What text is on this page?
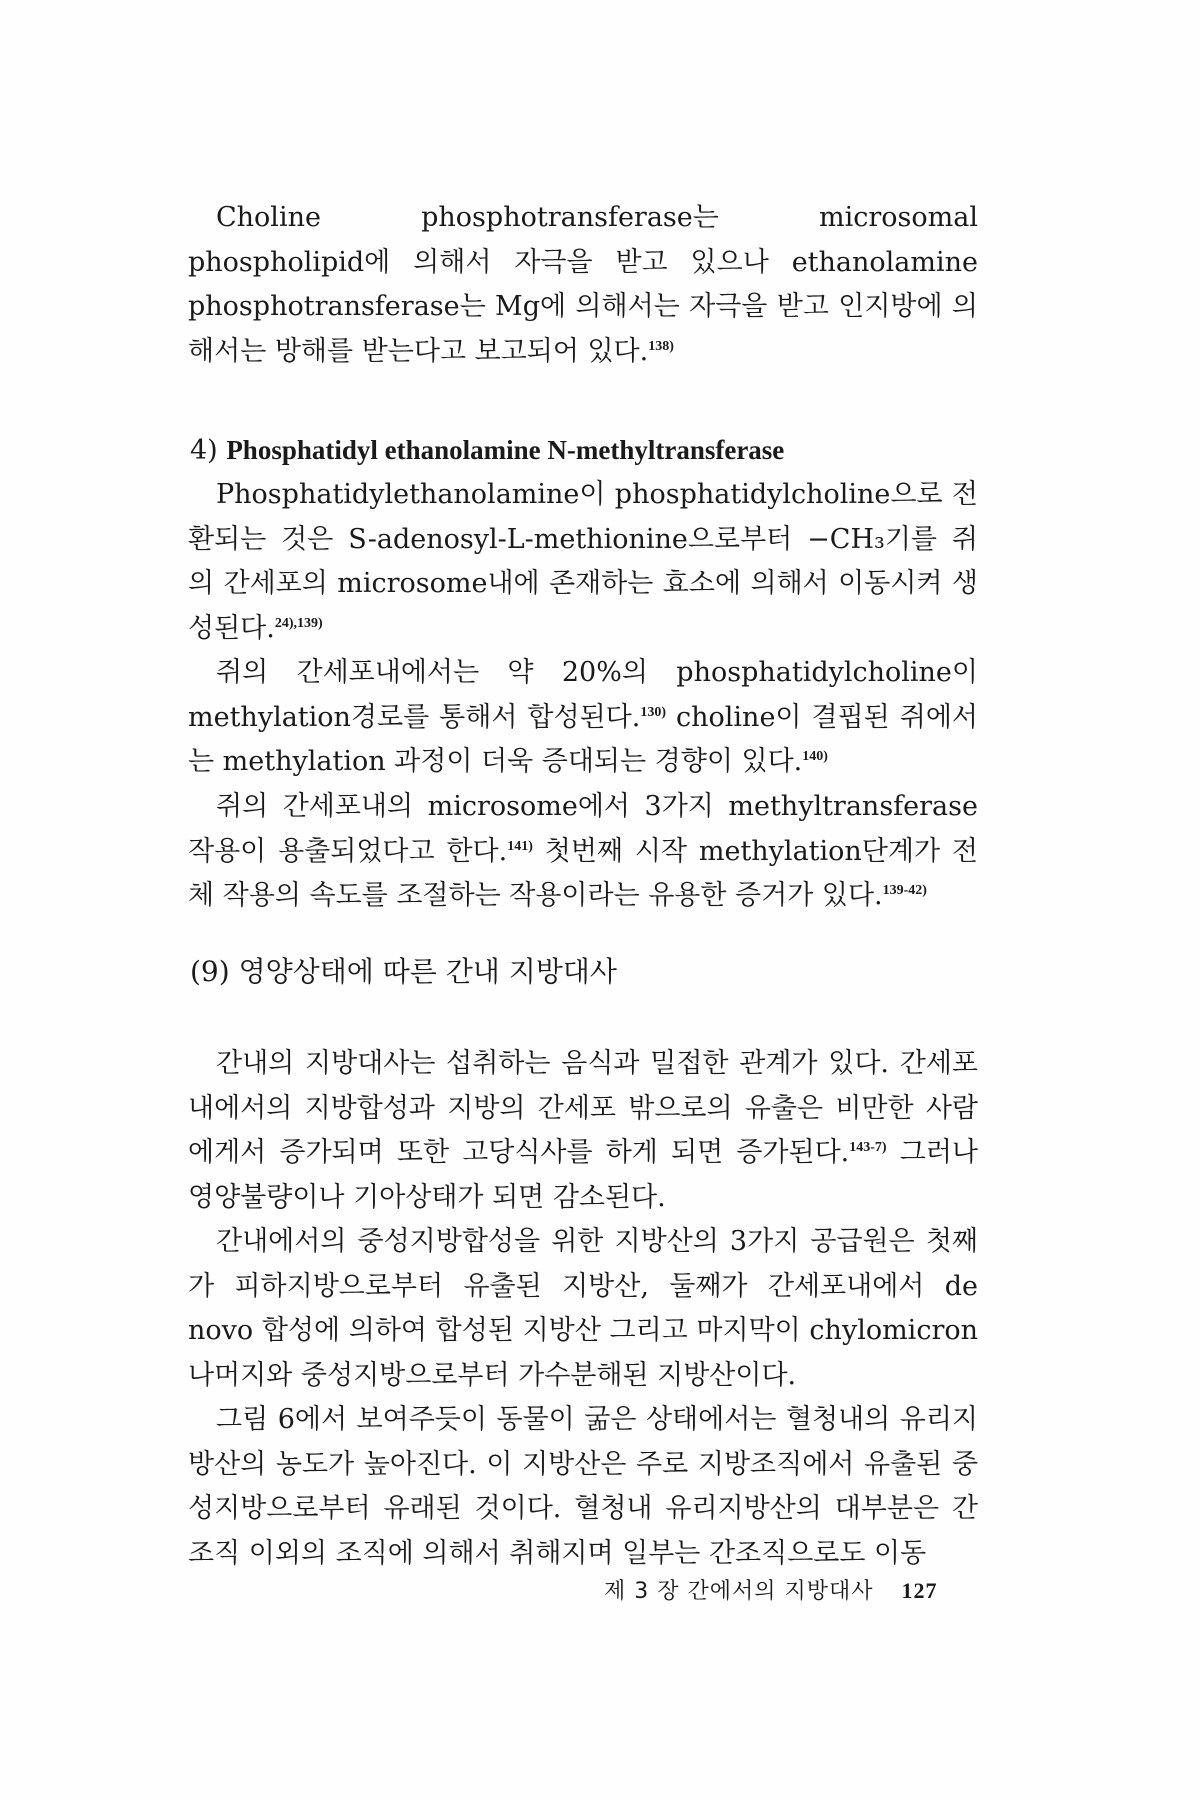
Choline phosphotransferase는 microsomal phospholipid에 의해서 자극을 받고 있으나 ethanolamine phosphotransferase는 Mg에 의해서는 자극을 받고 인지방에 의해서는 방해를 받는다고 보고되어 있다.$^{138)}$

4) Phosphatidyl ethanolamine N-methyltransferase

Phosphatidylethanolamine이 phosphatidylcholine으로 전환되는 것은 S-adenosyl-L-methionine으로부터 −CH₃기를 쥐의 간세포의 microsome내에 존재하는 효소에 의해서 이동시켜 생성된다.$^{24),139)}$

쥐의 간세포내에서는 약 20%의 phosphatidylcholine이 methylation경로를 통해서 합성된다.$^{130)}$ choline이 결핍된 쥐에서는 methylation 과정이 더욱 증대되는 경향이 있다.$^{140)}$

쥐의 간세포내의 microsome에서 3가지 methyltransferase 작용이 용출되었다고 한다.$^{141)}$ 첫번째 시작 methylation단계가 전체 작용의 속도를 조절하는 작용이라는 유용한 증거가 있다.$^{139-42)}$

(9) 영양상태에 따른 간내 지방대사

간내의 지방대사는 섭취하는 음식과 밀접한 관계가 있다. 간세포내에서의 지방합성과 지방의 간세포 밖으로의 유출은 비만한 사람에게서 증가되며 또한 고당식사를 하게 되면 증가된다.$^{143-7)}$ 그러나 영양불량이나 기아상태가 되면 감소된다.

간내에서의 중성지방합성을 위한 지방산의 3가지 공급원은 첫째가 피하지방으로부터 유출된 지방산, 둘째가 간세포내에서 de novo 합성에 의하여 합성된 지방산 그리고 마지막이 chylomicron 나머지와 중성지방으로부터 가수분해된 지방산이다.

그림 6에서 보여주듯이 동물이 굶은 상태에서는 혈청내의 유리지방산의 농도가 높아진다. 이 지방산은 주로 지방조직에서 유출된 중성지방으로부터 유래된 것이다. 혈청내 유리지방산의 대부분은 간조직 이외의 조직에 의해서 취해지며 일부는 간조직으로도 이동

제 3 장 간에서의 지방대사 127
